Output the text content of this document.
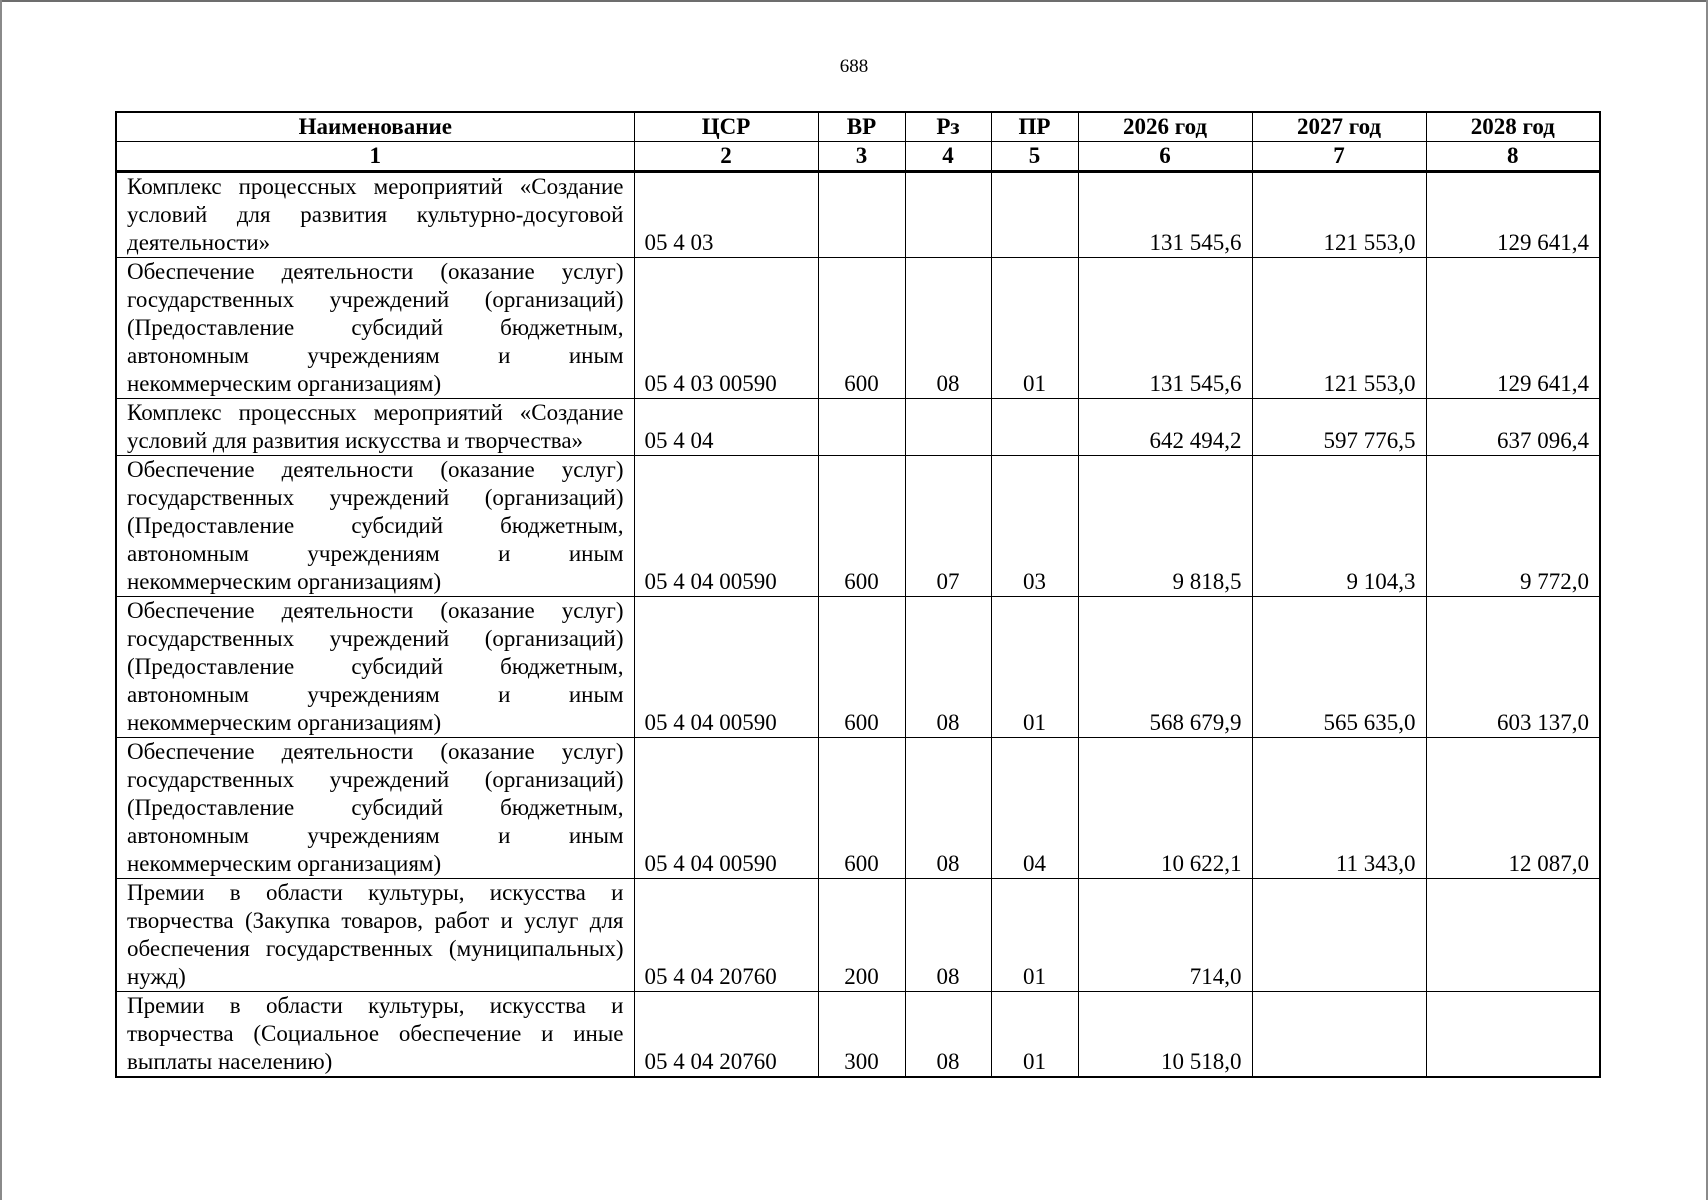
688
Наименование	ЦСР	ВР	Рз	ПР	2026 год	2027 год	2028 год
1	2	3	4	5	6	7	8
Комплекс процессных мероприятий «Создание условий для развития культурно-досуговой деятельности»	05 4 03				131 545,6	121 553,0	129 641,4
Обеспечение деятельности (оказание услуг) государственных учреждений (организаций) (Предоставление субсидий бюджетным, автономным учреждениям и иным некоммерческим организациям)	05 4 03 00590	600	08	01	131 545,6	121 553,0	129 641,4
Комплекс процессных мероприятий «Создание условий для развития искусства и творчества»	05 4 04				642 494,2	597 776,5	637 096,4
Обеспечение деятельности (оказание услуг) государственных учреждений (организаций) (Предоставление субсидий бюджетным, автономным учреждениям и иным некоммерческим организациям)	05 4 04 00590	600	07	03	9 818,5	9 104,3	9 772,0
Обеспечение деятельности (оказание услуг) государственных учреждений (организаций) (Предоставление субсидий бюджетным, автономным учреждениям и иным некоммерческим организациям)	05 4 04 00590	600	08	01	568 679,9	565 635,0	603 137,0
Обеспечение деятельности (оказание услуг) государственных учреждений (организаций) (Предоставление субсидий бюджетным, автономным учреждениям и иным некоммерческим организациям)	05 4 04 00590	600	08	04	10 622,1	11 343,0	12 087,0
Премии в области культуры, искусства и творчества (Закупка товаров, работ и услуг для обеспечения государственных (муниципальных) нужд)	05 4 04 20760	200	08	01	714,0		
Премии в области культуры, искусства и творчества (Социальное обеспечение и иные выплаты населению)	05 4 04 20760	300	08	01	10 518,0		
